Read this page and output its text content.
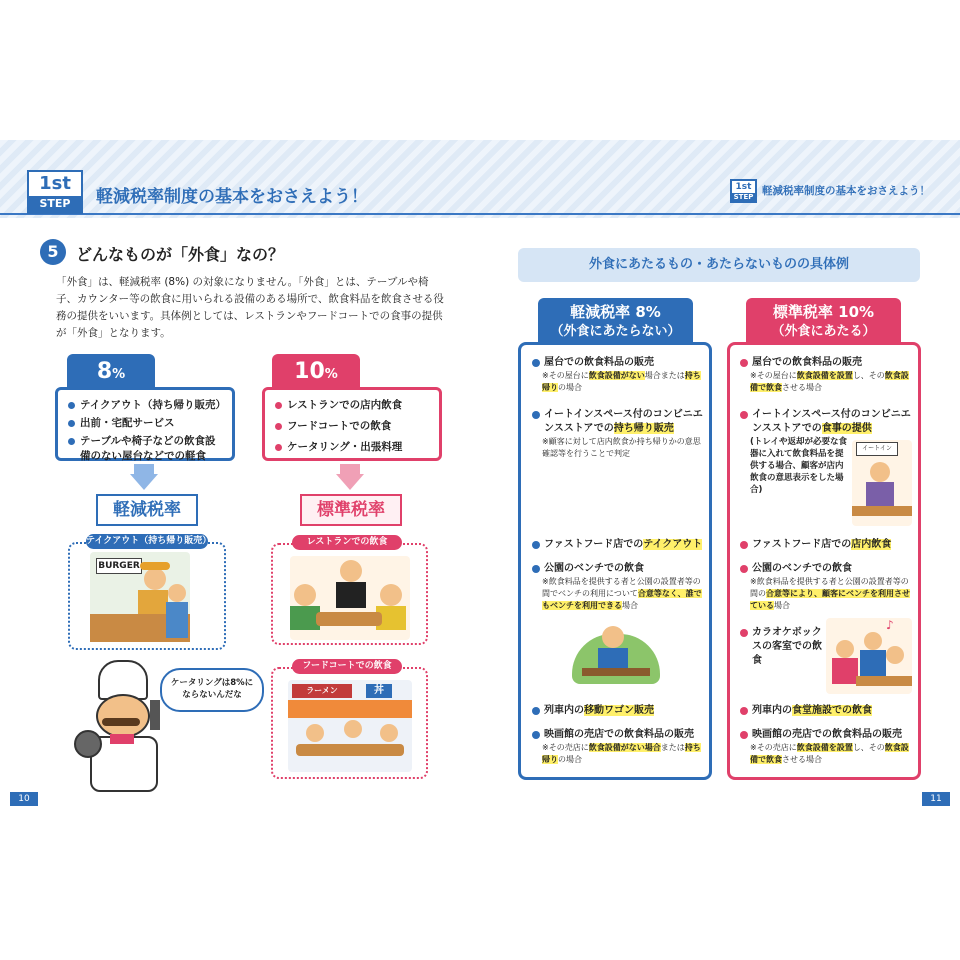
1st
STEP	軽減税率制度の基本をおさえよう！	1st
STEP 軽減税率制度の基本をおさえよう！
5	どんなものが「外食」なの？
「外食」は、軽減税率 (8%) の対象になりません。「外食」とは、テーブルや椅子、カウンター等の飲食に用いられる設備のある場所で、飲食料品を飲食させる役務の提供をいいます。具体例としては、レストランやフードコートでの食事の提供が「外食」となります。
8%
テイクアウト（持ち帰り販売）
出前・宅配サービス
テーブルや椅子などの飲食設備のない屋台などでの軽食
軽減税率
10%
レストランでの店内飲食
フードコートでの飲食
ケータリング・出張料理
標準税率
テイクアウト（持ち帰り販売）
BURGER
ケータリングは8%に
ならないんだな
レストランでの飲食
フードコートでの飲食
ラーメン	丼
外食にあたるもの・あたらないものの具体例
軽減税率 8%
（外食にあたらない）
屋台での飲食料品の販売
※その屋台に飲食設備がない場合または持ち帰りの場合
イートインスペース付のコンビニエンスストアでの持ち帰り販売
※顧客に対して店内飲食か持ち帰りかの意思確認等を行うことで判定
ファストフード店でのテイクアウト
公園のベンチでの飲食
※飲食料品を提供する者と公園の設置者等の間でベンチの利用について合意等なく、誰でもベンチを利用できる場合
列車内の移動ワゴン販売
映画館の売店での飲食料品の販売
※その売店に飲食設備がない場合または持ち帰りの場合
標準税率 10%
（外食にあたる）
屋台での飲食料品の販売
※その屋台に飲食設備を設置し、その飲食設備で飲食させる場合
イートインスペース付のコンビニエンスストアでの食事の提供
(トレイや返却が必要な食器に入れて飲食料品を提供する場合、顧客が店内飲食の意思表示をした場合)
イートイン
ファストフード店での店内飲食
公園のベンチでの飲食
※飲食料品を提供する者と公園の設置者等の間の合意等により、顧客にベンチを利用させている場合
カラオケボックスの客室での飲食
♪
列車内の食堂施設での飲食
映画館の売店での飲食料品の販売
※その売店に飲食設備を設置し、その飲食設備で飲食させる場合
10	11
